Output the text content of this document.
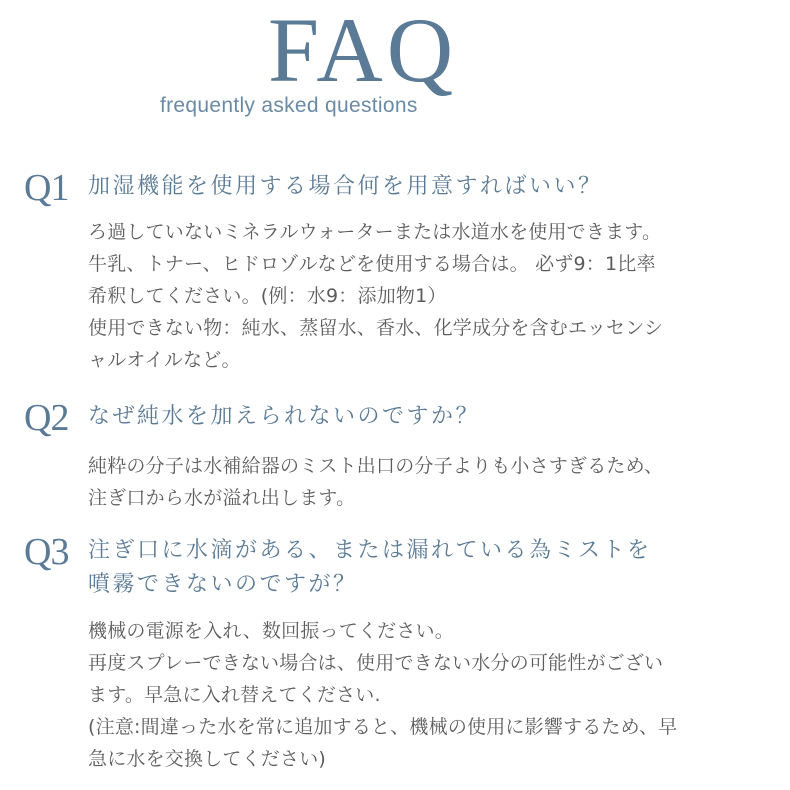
FAQ
frequently asked questions
Q1 加湿機能を使用する場合何を用意すればいい？
ろ過していないミネラルウォーターまたは水道水を使用できます。
牛乳、トナー、ヒドロゾルなどを使用する場合は。 必ず9：1比率
希釈してください。(例：水9：添加物1）
使用できない物：純水、蒸留水、香水、化学成分を含むエッセンシ
ャルオイルなど。
Q2 なぜ純水を加えられないのですか？
純粋の分子は水補給器のミスト出口の分子よりも小さすぎるため、
注ぎ口から水が溢れ出します。
Q3 注ぎ口に水滴がある、または漏れている為ミストを
噴霧できないのですが？
機械の電源を入れ、数回振ってください。
再度スプレーできない場合は、使用できない水分の可能性がござい
ます。早急に入れ替えてください.
(注意:間違った水を常に追加すると、機械の使用に影響するため、早
急に水を交換してください)
